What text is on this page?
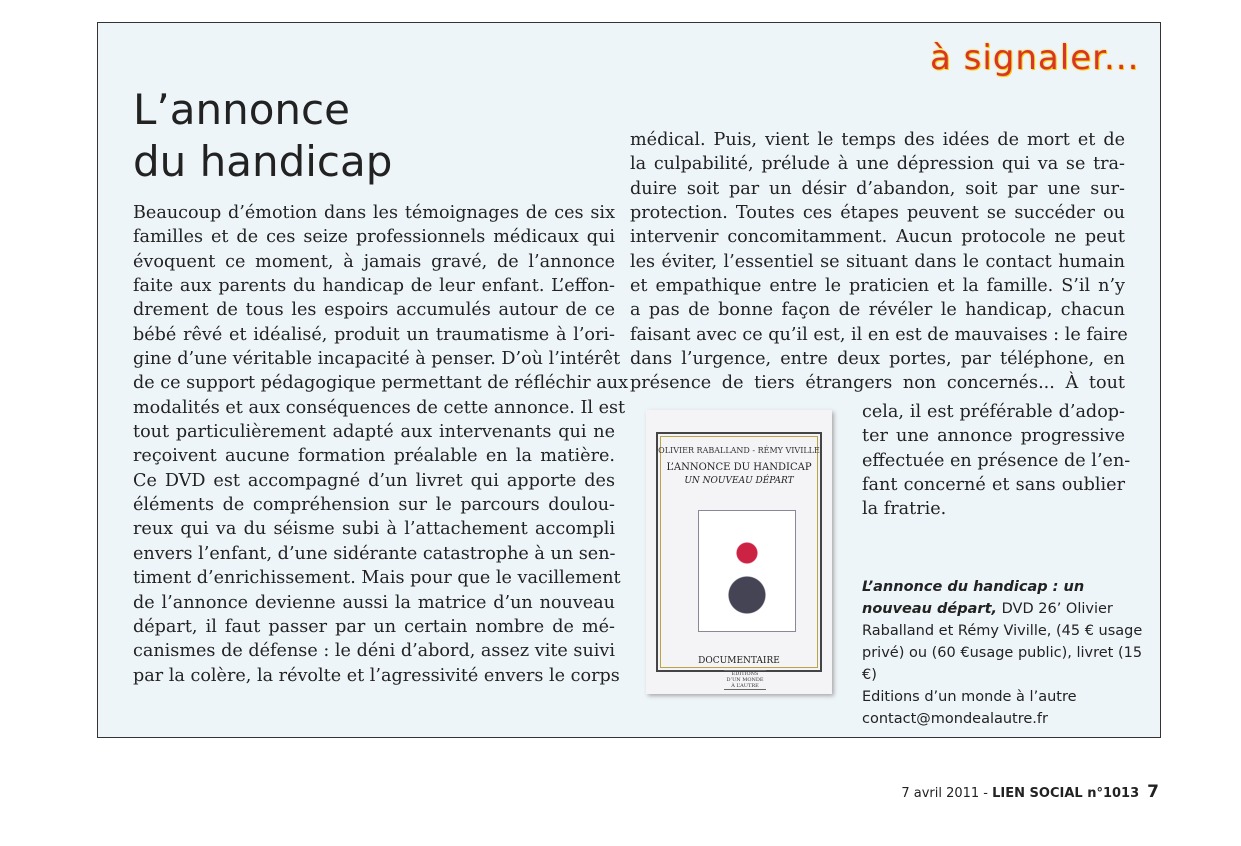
à signaler...
L’annonce
du handicap
Beaucoup d’émotion dans les témoignages de ces six
familles et de ces seize professionnels médicaux qui
évoquent ce moment, à jamais gravé, de l’annonce
faite aux parents du handicap de leur enfant. L’effon-
drement de tous les espoirs accumulés autour de ce
bébé rêvé et idéalisé, produit un traumatisme à l’ori-
gine d’une véritable incapacité à penser. D’où l’intérêt
de ce support pédagogique permettant de réfléchir aux
modalités et aux conséquences de cette annonce. Il est
tout particulièrement adapté aux intervenants qui ne
reçoivent aucune formation préalable en la matière.
Ce DVD est accompagné d’un livret qui apporte des
éléments de compréhension sur le parcours doulou-
reux qui va du séisme subi à l’attachement accompli
envers l’enfant, d’une sidérante catastrophe à un sen-
timent d’enrichissement. Mais pour que le vacillement
de l’annonce devienne aussi la matrice d’un nouveau
départ, il faut passer par un certain nombre de mé-
canismes de défense : le déni d’abord, assez vite suivi
par la colère, la révolte et l’agressivité envers le corps
médical. Puis, vient le temps des idées de mort et de
la culpabilité, prélude à une dépression qui va se tra-
duire soit par un désir d’abandon, soit par une sur-
protection. Toutes ces étapes peuvent se succéder ou
intervenir concomitamment. Aucun protocole ne peut
les éviter, l’essentiel se situant dans le contact humain
et empathique entre le praticien et la famille. S’il n’y
a pas de bonne façon de révéler le handicap, chacun
faisant avec ce qu’il est, il en est de mauvaises : le faire
dans l’urgence, entre deux portes, par téléphone, en
présence de tiers étrangers non concernés... À tout
cela, il est préférable d’adop-
ter une annonce progressive
effectuée en présence de l’en-
fant concerné et sans oublier
la fratrie.
OLIVIER RABALLAND - RÉMY VIVILLE
L’ANNONCE DU HANDICAP
UN NOUVEAU DÉPART
DOCUMENTAIRE
ÉDITIONS D’UN MONDE À L’AUTRE
L’annonce du handicap : un nouveau départ, DVD 26’ Olivier Raballand et Rémy Viville, (45 € usage privé) ou (60 €usage public), livret (15 €)
Editions d’un monde à l’autre
contact@mondealautre.fr
7 avril 2011 - LIEN SOCIAL n°1013 7
